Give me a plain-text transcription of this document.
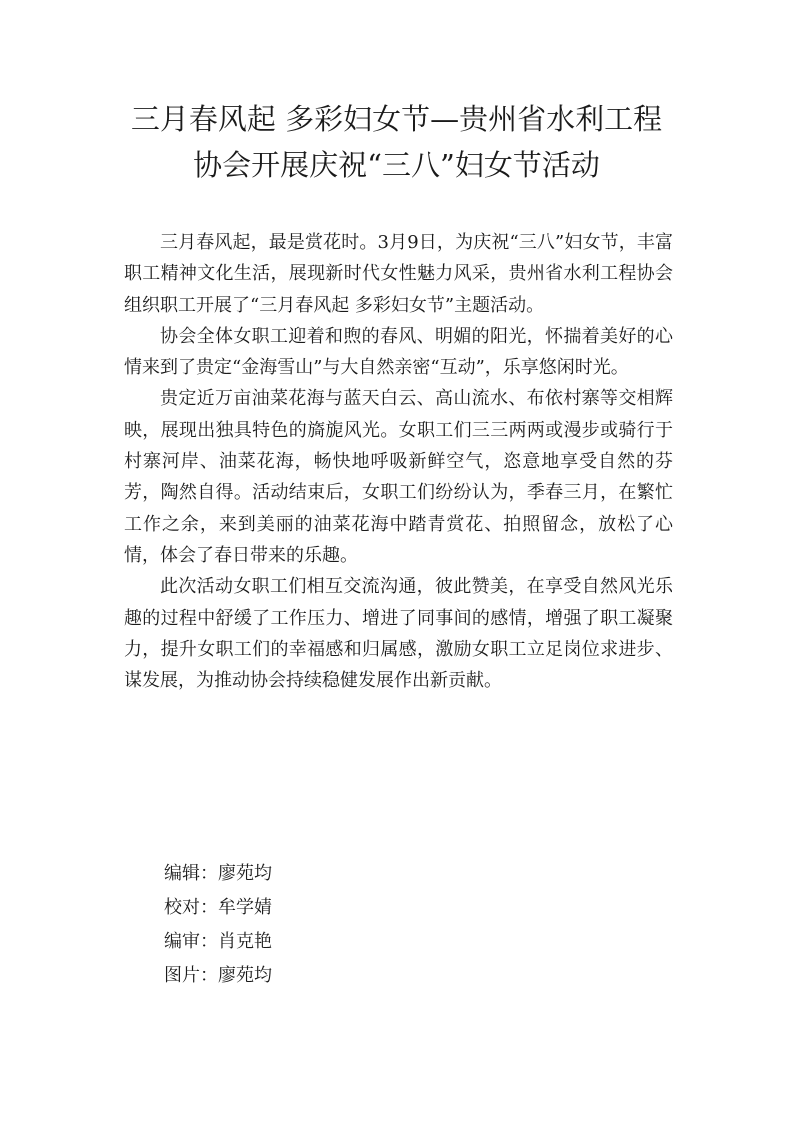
三月春风起 多彩妇女节—贵州省水利工程
协会开展庆祝“三八”妇女节活动

三月春风起，最是赏花时。3月9日，为庆祝“三八”妇女节，丰富职工精神文化生活，展现新时代女性魅力风采，贵州省水利工程协会组织职工开展了“三月春风起 多彩妇女节”主题活动。

协会全体女职工迎着和煦的春风、明媚的阳光，怀揣着美好的心情来到了贵定“金海雪山”与大自然亲密“互动”，乐享悠闲时光。

贵定近万亩油菜花海与蓝天白云、高山流水、布依村寨等交相辉映，展现出独具特色的旖旎风光。女职工们三三两两或漫步或骑行于村寨河岸、油菜花海，畅快地呼吸新鲜空气，恣意地享受自然的芬芳，陶然自得。活动结束后，女职工们纷纷认为，季春三月，在繁忙工作之余，来到美丽的油菜花海中踏青赏花、拍照留念，放松了心情，体会了春日带来的乐趣。

此次活动女职工们相互交流沟通，彼此赞美，在享受自然风光乐趣的过程中舒缓了工作压力、增进了同事间的感情，增强了职工凝聚力，提升女职工们的幸福感和归属感，激励女职工立足岗位求进步、谋发展，为推动协会持续稳健发展作出新贡献。

编辑：廖苑均
校对：牟学婧
编审：肖克艳
图片：廖苑均
